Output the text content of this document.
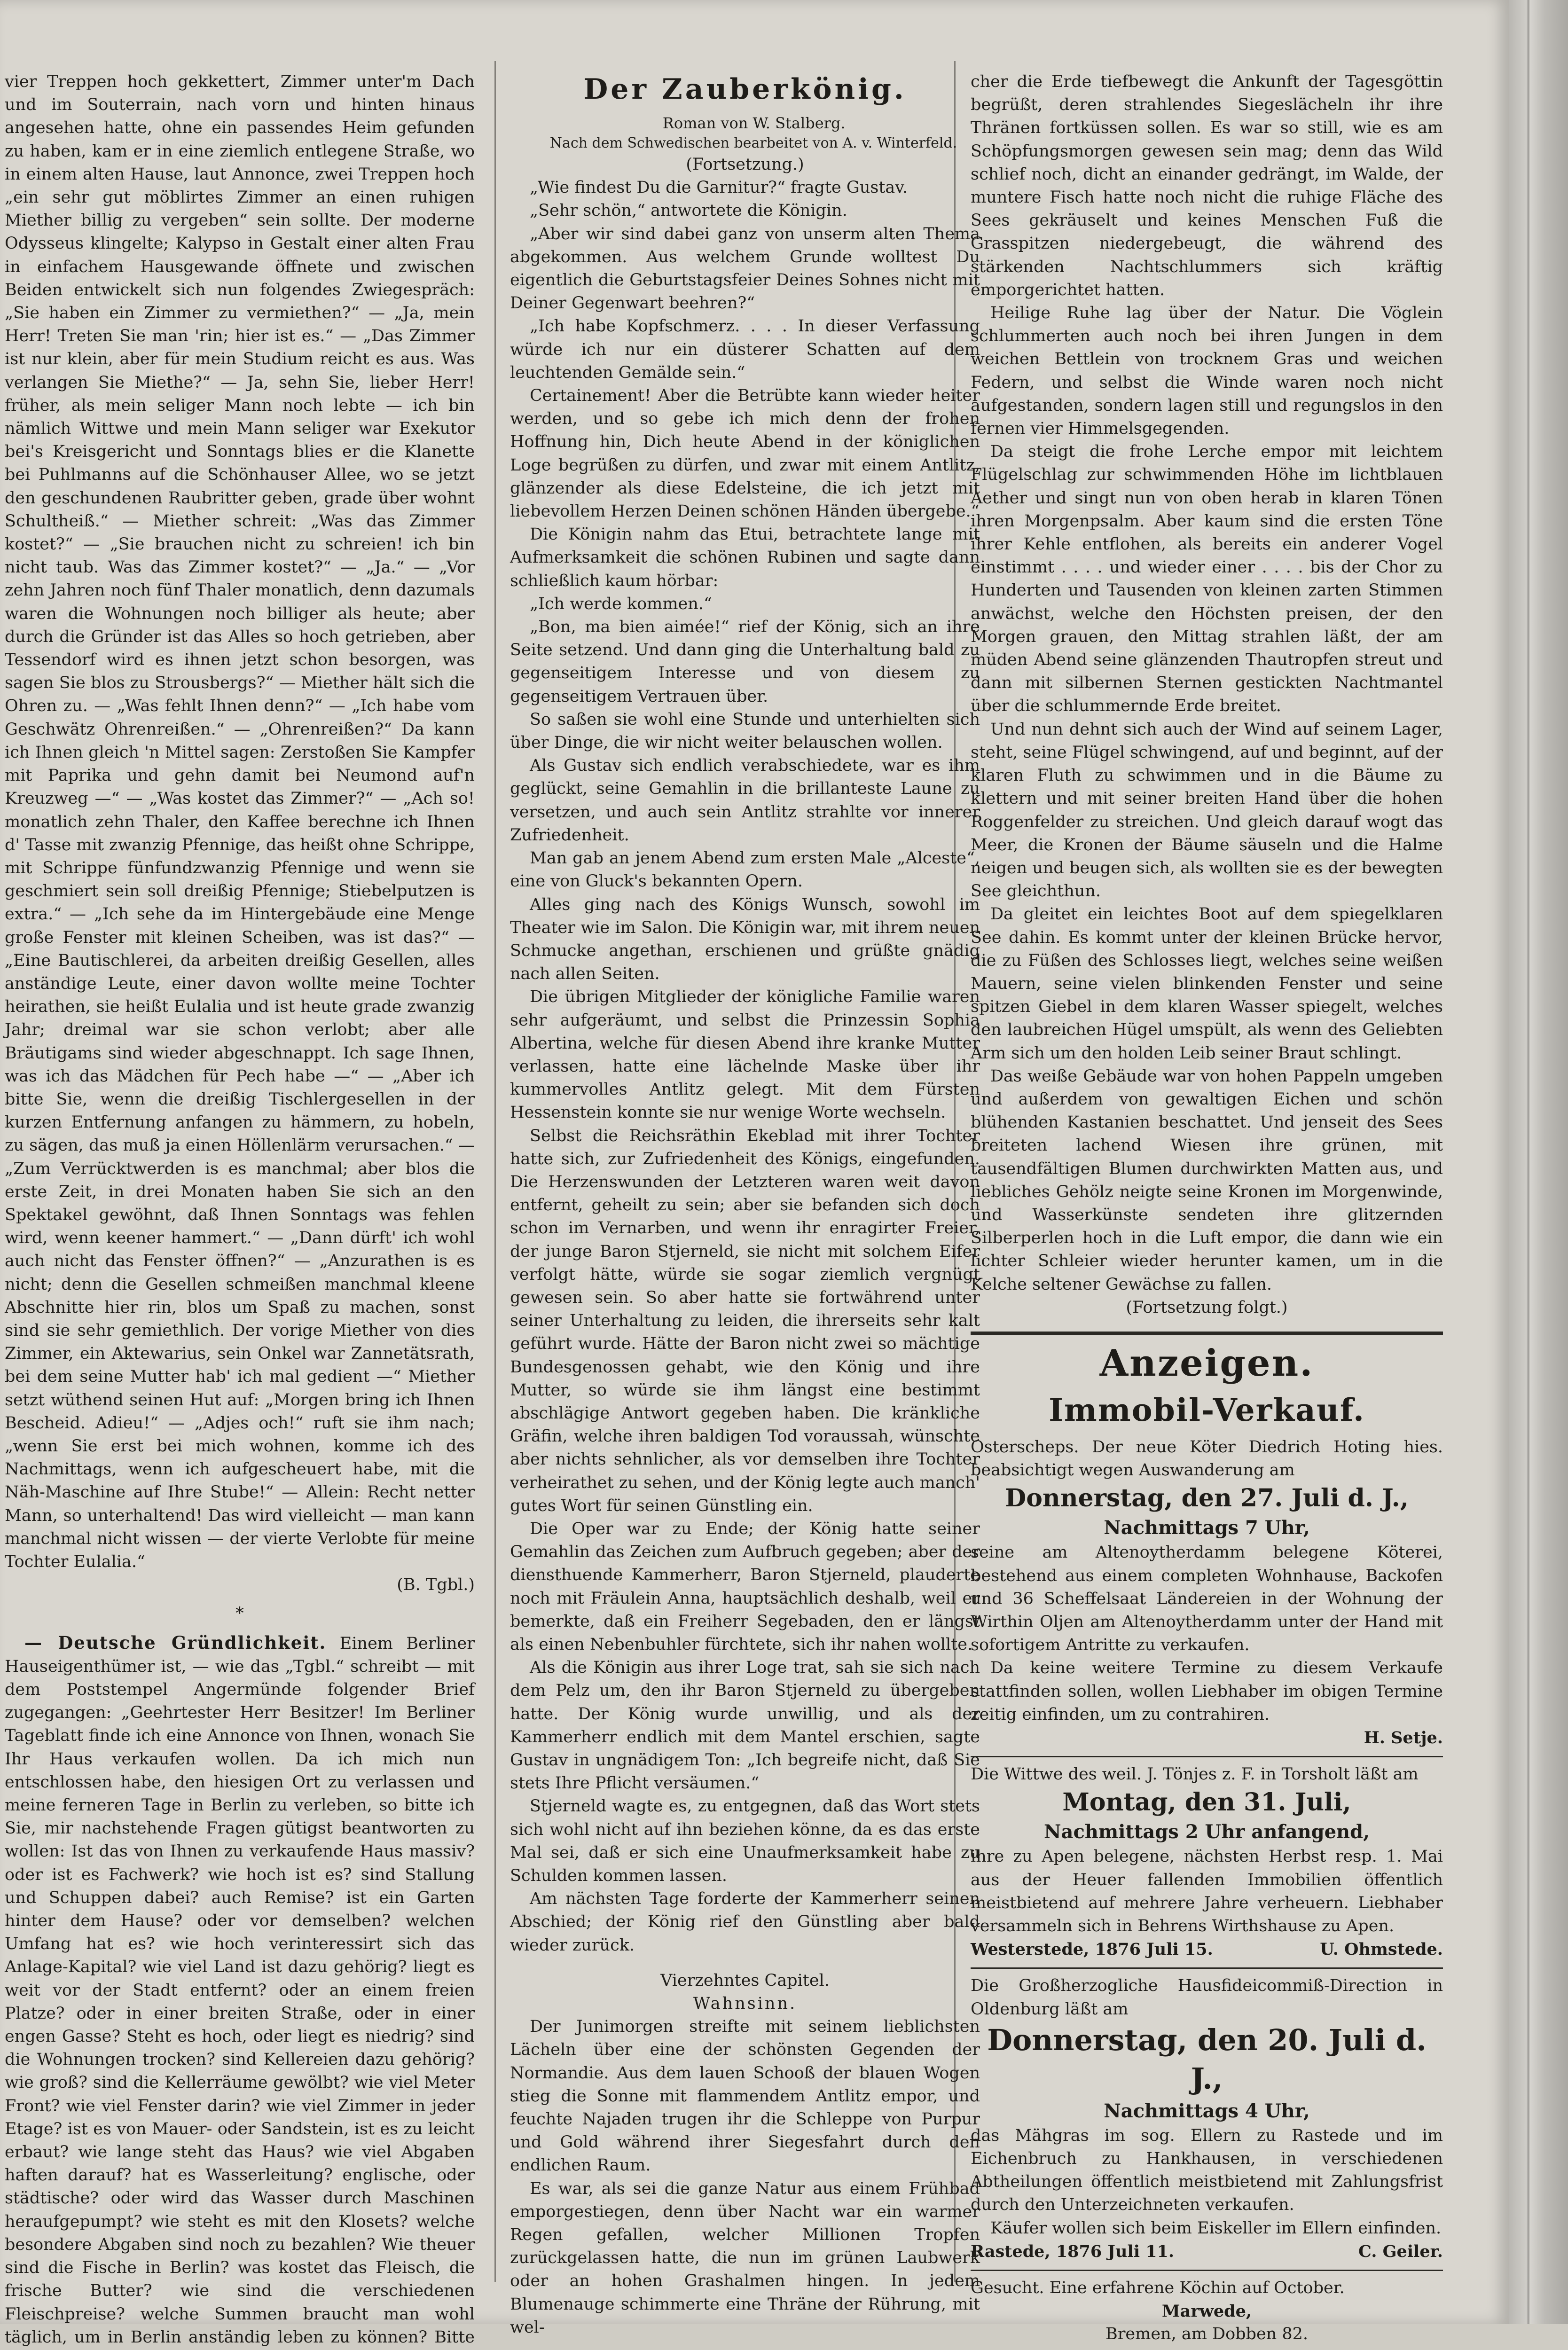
vier Treppen hoch gekkettert, Zimmer unter'm Dach und im Souterrain, nach vorn und hinten hinaus angesehen hatte, ohne ein passendes Heim gefunden zu haben, kam er in eine ziemlich entlegene Straße, wo in einem alten Hause, laut Annonce, zwei Treppen hoch „ein sehr gut möblirtes Zimmer an einen ruhigen Miether billig zu vergeben“ sein sollte. Der moderne Odysseus klingelte; Kalypso in Gestalt einer alten Frau in einfachem Hausgewande öffnete und zwischen Beiden entwickelt sich nun folgendes Zwiegespräch: „Sie haben ein Zimmer zu vermiethen?“ — „Ja, mein Herr! Treten Sie man 'rin; hier ist es.“ — „Das Zimmer ist nur klein, aber für mein Studium reicht es aus. Was verlangen Sie Miethe?“ — Ja, sehn Sie, lieber Herr! früher, als mein seliger Mann noch lebte — ich bin nämlich Wittwe und mein Mann seliger war Exekutor bei's Kreisgericht und Sonntags blies er die Klanette bei Puhlmanns auf die Schönhauser Allee, wo se jetzt den geschundenen Raubritter geben, grade über wohnt Schultheiß.“ — Miether schreit: „Was das Zimmer kostet?“ — „Sie brauchen nicht zu schreien! ich bin nicht taub. Was das Zimmer kostet?“ — „Ja.“ — „Vor zehn Jahren noch fünf Thaler monatlich, denn dazumals waren die Wohnungen noch billiger als heute; aber durch die Gründer ist das Alles so hoch getrieben, aber Tessendorf wird es ihnen jetzt schon besorgen, was sagen Sie blos zu Strousbergs?“ — Miether hält sich die Ohren zu. — „Was fehlt Ihnen denn?“ — „Ich habe vom Geschwätz Ohrenreißen.“ — „Ohrenreißen?“ Da kann ich Ihnen gleich 'n Mittel sagen: Zerstoßen Sie Kampfer mit Paprika und gehn damit bei Neumond auf'n Kreuzweg —“ — „Was kostet das Zimmer?“ — „Ach so! monatlich zehn Thaler, den Kaffee berechne ich Ihnen d' Tasse mit zwanzig Pfennige, das heißt ohne Schrippe, mit Schrippe fünfundzwanzig Pfennige und wenn sie geschmiert sein soll dreißig Pfennige; Stiebelputzen is extra.“ — „Ich sehe da im Hintergebäude eine Menge große Fenster mit kleinen Scheiben, was ist das?“ — „Eine Bautischlerei, da arbeiten dreißig Gesellen, alles anständige Leute, einer davon wollte meine Tochter heirathen, sie heißt Eulalia und ist heute grade zwanzig Jahr; dreimal war sie schon verlobt; aber alle Bräutigams sind wieder abgeschnappt. Ich sage Ihnen, was ich das Mädchen für Pech habe —“ — „Aber ich bitte Sie, wenn die dreißig Tischlergesellen in der kurzen Entfernung anfangen zu hämmern, zu hobeln, zu sägen, das muß ja einen Höllenlärm verursachen.“ — „Zum Verrücktwerden is es manchmal; aber blos die erste Zeit, in drei Monaten haben Sie sich an den Spektakel gewöhnt, daß Ihnen Sonntags was fehlen wird, wenn keener hammert.“ — „Dann dürft' ich wohl auch nicht das Fenster öffnen?“ — „Anzurathen is es nicht; denn die Gesellen schmeißen manchmal kleene Abschnitte hier rin, blos um Spaß zu machen, sonst sind sie sehr gemiethlich. Der vorige Miether von dies Zimmer, ein Aktewarius, sein Onkel war Zannetätsrath, bei dem seine Mutter hab' ich mal gedient —“ Miether setzt wüthend seinen Hut auf: „Morgen bring ich Ihnen Bescheid. Adieu!“ — „Adjes och!“ ruft sie ihm nach; „wenn Sie erst bei mich wohnen, komme ich des Nachmittags, wenn ich aufgescheuert habe, mit die Näh-Maschine auf Ihre Stube!“ — Allein: Recht netter Mann, so unterhaltend! Das wird vielleicht — man kann manchmal nicht wissen — der vierte Verlobte für meine Tochter Eulalia.“

(B. Tgbl.)

*

— Deutsche Gründlichkeit. Einem Berliner Hauseigenthümer ist, — wie das „Tgbl.“ schreibt — mit dem Poststempel Angermünde folgender Brief zugegangen: „Geehrtester Herr Besitzer! Im Berliner Tageblatt finde ich eine Annonce von Ihnen, wonach Sie Ihr Haus verkaufen wollen. Da ich mich nun entschlossen habe, den hiesigen Ort zu verlassen und meine ferneren Tage in Berlin zu verleben, so bitte ich Sie, mir nachstehende Fragen gütigst beantworten zu wollen: Ist das von Ihnen zu verkaufende Haus massiv? oder ist es Fachwerk? wie hoch ist es? sind Stallung und Schuppen dabei? auch Remise? ist ein Garten hinter dem Hause? oder vor demselben? welchen Umfang hat es? wie hoch verinteressirt sich das Anlage-Kapital? wie viel Land ist dazu gehörig? liegt es weit vor der Stadt entfernt? oder an einem freien Platze? oder in einer breiten Straße, oder in einer engen Gasse? Steht es hoch, oder liegt es niedrig? sind die Wohnungen trocken? sind Kellereien dazu gehörig? wie groß? sind die Kellerräume gewölbt? wie viel Meter Front? wie viel Fenster darin? wie viel Zimmer in jeder Etage? ist es von Mauer- oder Sandstein, ist es zu leicht erbaut? wie lange steht das Haus? wie viel Abgaben haften darauf? hat es Wasserleitung? englische, oder städtische? oder wird das Wasser durch Maschinen heraufgepumpt? wie steht es mit den Klosets? welche besondere Abgaben sind noch zu bezahlen? Wie theuer sind die Fische in Berlin? was kostet das Fleisch, die frische Butter? wie sind die verschiedenen Fleischpreise? welche Summen braucht man wohl täglich, um in Berlin anständig leben zu können? Bitte

Der Zauberkönig.

Roman von W. Stalberg.

Nach dem Schwedischen bearbeitet von A. v. Winterfeld.

(Fortsetzung.)

„Wie findest Du die Garnitur?“ fragte Gustav.

„Sehr schön,“ antwortete die Königin.

„Aber wir sind dabei ganz von unserm alten Thema abgekommen. Aus welchem Grunde wolltest Du eigentlich die Geburtstagsfeier Deines Sohnes nicht mit Deiner Gegenwart beehren?“

„Ich habe Kopfschmerz. . . . In dieser Verfassung würde ich nur ein düsterer Schatten auf dem leuchtenden Gemälde sein.“

Certainement! Aber die Betrübte kann wieder heiter werden, und so gebe ich mich denn der frohen Hoffnung hin, Dich heute Abend in der königlichen Loge begrüßen zu dürfen, und zwar mit einem Antlitz, glänzender als diese Edelsteine, die ich jetzt mit liebevollem Herzen Deinen schönen Händen übergebe.“

Die Königin nahm das Etui, betrachtete lange mit Aufmerksamkeit die schönen Rubinen und sagte dann schließlich kaum hörbar:

„Ich werde kommen.“

„Bon, ma bien aimée!“ rief der König, sich an ihre Seite setzend. Und dann ging die Unterhaltung bald zu gegenseitigem Interesse und von diesem zu gegenseitigem Vertrauen über.

So saßen sie wohl eine Stunde und unterhielten sich über Dinge, die wir nicht weiter belauschen wollen.

Als Gustav sich endlich verabschiedete, war es ihm geglückt, seine Gemahlin in die brillanteste Laune zu versetzen, und auch sein Antlitz strahlte vor innerer Zufriedenheit.

Man gab an jenem Abend zum ersten Male „Alceste“, eine von Gluck's bekannten Opern.

Alles ging nach des Königs Wunsch, sowohl im Theater wie im Salon. Die Königin war, mit ihrem neuen Schmucke angethan, erschienen und grüßte gnädig nach allen Seiten.

Die übrigen Mitglieder der königliche Familie waren sehr aufgeräumt, und selbst die Prinzessin Sophia Albertina, welche für diesen Abend ihre kranke Mutter verlassen, hatte eine lächelnde Maske über ihr kummervolles Antlitz gelegt. Mit dem Fürsten Hessenstein konnte sie nur wenige Worte wechseln.

Selbst die Reichsräthin Ekeblad mit ihrer Tochter hatte sich, zur Zufriedenheit des Königs, eingefunden. Die Herzenswunden der Letzteren waren weit davon entfernt, geheilt zu sein; aber sie befanden sich doch schon im Vernarben, und wenn ihr enragirter Freier, der junge Baron Stjerneld, sie nicht mit solchem Eifer verfolgt hätte, würde sie sogar ziemlich vergnügt gewesen sein. So aber hatte sie fortwährend unter seiner Unterhaltung zu leiden, die ihrerseits sehr kalt geführt wurde. Hätte der Baron nicht zwei so mächtige Bundesgenossen gehabt, wie den König und ihre Mutter, so würde sie ihm längst eine bestimmt abschlägige Antwort gegeben haben. Die kränkliche Gräfin, welche ihren baldigen Tod voraussah, wünschte aber nichts sehnlicher, als vor demselben ihre Tochter verheirathet zu sehen, und der König legte auch manch' gutes Wort für seinen Günstling ein.

Die Oper war zu Ende; der König hatte seiner Gemahlin das Zeichen zum Aufbruch gegeben; aber der diensthuende Kammerherr, Baron Stjerneld, plauderte noch mit Fräulein Anna, hauptsächlich deshalb, weil er bemerkte, daß ein Freiherr Segebaden, den er längst als einen Nebenbuhler fürchtete, sich ihr nahen wollte.

Als die Königin aus ihrer Loge trat, sah sie sich nach dem Pelz um, den ihr Baron Stjerneld zu übergeben hatte. Der König wurde unwillig, und als der Kammerherr endlich mit dem Mantel erschien, sagte Gustav in ungnädigem Ton: „Ich begreife nicht, daß Sie stets Ihre Pflicht versäumen.“

Stjerneld wagte es, zu entgegnen, daß das Wort stets sich wohl nicht auf ihn beziehen könne, da es das erste Mal sei, daß er sich eine Unaufmerksamkeit habe zu Schulden kommen lassen.

Am nächsten Tage forderte der Kammerherr seinen Abschied; der König rief den Günstling aber bald wieder zurück.

Vierzehntes Capitel.

Wahnsinn.

Der Junimorgen streifte mit seinem lieblichsten Lächeln über eine der schönsten Gegenden der Normandie. Aus dem lauen Schooß der blauen Wogen stieg die Sonne mit flammendem Antlitz empor, und feuchte Najaden trugen ihr die Schleppe von Purpur und Gold während ihrer Siegesfahrt durch den endlichen Raum.

Es war, als sei die ganze Natur aus einem Frühbad emporgestiegen, denn über Nacht war ein warmer Regen gefallen, welcher Millionen Tropfen zurückgelassen hatte, die nun im grünen Laubwerk oder an hohen Grashalmen hingen. In jedem Blumenauge schimmerte eine Thräne der Rührung, mit wel-

cher die Erde tiefbewegt die Ankunft der Tagesgöttin begrüßt, deren strahlendes Siegeslächeln ihr ihre Thränen fortküssen sollen. Es war so still, wie es am Schöpfungsmorgen gewesen sein mag; denn das Wild schlief noch, dicht an einander gedrängt, im Walde, der muntere Fisch hatte noch nicht die ruhige Fläche des Sees gekräuselt und keines Menschen Fuß die Grasspitzen niedergebeugt, die während des stärkenden Nachtschlummers sich kräftig emporgerichtet hatten.

Heilige Ruhe lag über der Natur. Die Vöglein schlummerten auch noch bei ihren Jungen in dem weichen Bettlein von trocknem Gras und weichen Federn, und selbst die Winde waren noch nicht aufgestanden, sondern lagen still und regungslos in den fernen vier Himmelsgegenden.

Da steigt die frohe Lerche empor mit leichtem Flügelschlag zur schwimmenden Höhe im lichtblauen Aether und singt nun von oben herab in klaren Tönen ihren Morgenpsalm. Aber kaum sind die ersten Töne ihrer Kehle entflohen, als bereits ein anderer Vogel einstimmt . . . . und wieder einer . . . . bis der Chor zu Hunderten und Tausenden von kleinen zarten Stimmen anwächst, welche den Höchsten preisen, der den Morgen grauen, den Mittag strahlen läßt, der am müden Abend seine glänzenden Thautropfen streut und dann mit silbernen Sternen gestickten Nachtmantel über die schlummernde Erde breitet.

Und nun dehnt sich auch der Wind auf seinem Lager, steht, seine Flügel schwingend, auf und beginnt, auf der klaren Fluth zu schwimmen und in die Bäume zu klettern und mit seiner breiten Hand über die hohen Roggenfelder zu streichen. Und gleich darauf wogt das Meer, die Kronen der Bäume säuseln und die Halme neigen und beugen sich, als wollten sie es der bewegten See gleichthun.

Da gleitet ein leichtes Boot auf dem spiegelklaren See dahin. Es kommt unter der kleinen Brücke hervor, die zu Füßen des Schlosses liegt, welches seine weißen Mauern, seine vielen blinkenden Fenster und seine spitzen Giebel in dem klaren Wasser spiegelt, welches den laubreichen Hügel umspült, als wenn des Geliebten Arm sich um den holden Leib seiner Braut schlingt.

Das weiße Gebäude war von hohen Pappeln umgeben und außerdem von gewaltigen Eichen und schön blühenden Kastanien beschattet. Und jenseit des Sees breiteten lachend Wiesen ihre grünen, mit tausendfältigen Blumen durchwirkten Matten aus, und liebliches Gehölz neigte seine Kronen im Morgenwinde, und Wasserkünste sendeten ihre glitzernden Silberperlen hoch in die Luft empor, die dann wie ein lichter Schleier wieder herunter kamen, um in die Kelche seltener Gewächse zu fallen.

(Fortsetzung folgt.)

Anzeigen.
Immobil-Verkauf.

Osterscheps. Der neue Köter Diedrich Hoting hies. beabsichtigt wegen Auswanderung am

Donnerstag, den 27. Juli d. J.,
Nachmittags 7 Uhr,

seine am Altenoytherdamm belegene Köterei, bestehend aus einem completen Wohnhause, Backofen und 36 Scheffelsaat Ländereien in der Wohnung der Wirthin Oljen am Altenoytherdamm unter der Hand mit sofortigem Antritte zu verkaufen.

Da keine weitere Termine zu diesem Verkaufe stattfinden sollen, wollen Liebhaber im obigen Termine zeitig einfinden, um zu contrahiren.

H. Setje.

Die Wittwe des weil. J. Tönjes z. F. in Torsholt läßt am

Montag, den 31. Juli,
Nachmittags 2 Uhr anfangend,

ihre zu Apen belegene, nächsten Herbst resp. 1. Mai aus der Heuer fallenden Immobilien öffentlich meistbietend auf mehrere Jahre verheuern. Liebhaber versammeln sich in Behrens Wirthshause zu Apen.

Westerstede, 1876 Juli 15.	U. Ohmstede.

Die Großherzogliche Hausfideicommiß-Direction in Oldenburg läßt am

Donnerstag, den 20. Juli d. J.,
Nachmittags 4 Uhr,

das Mähgras im sog. Ellern zu Rastede und im Eichenbruch zu Hankhausen, in verschiedenen Abtheilungen öffentlich meistbietend mit Zahlungsfrist durch den Unterzeichneten verkaufen.

Käufer wollen sich beim Eiskeller im Ellern einfinden.

Rastede, 1876 Juli 11.	C. Geiler.

Gesucht. Eine erfahrene Köchin auf October.

Marwede,

Bremen, am Dobben 82.
